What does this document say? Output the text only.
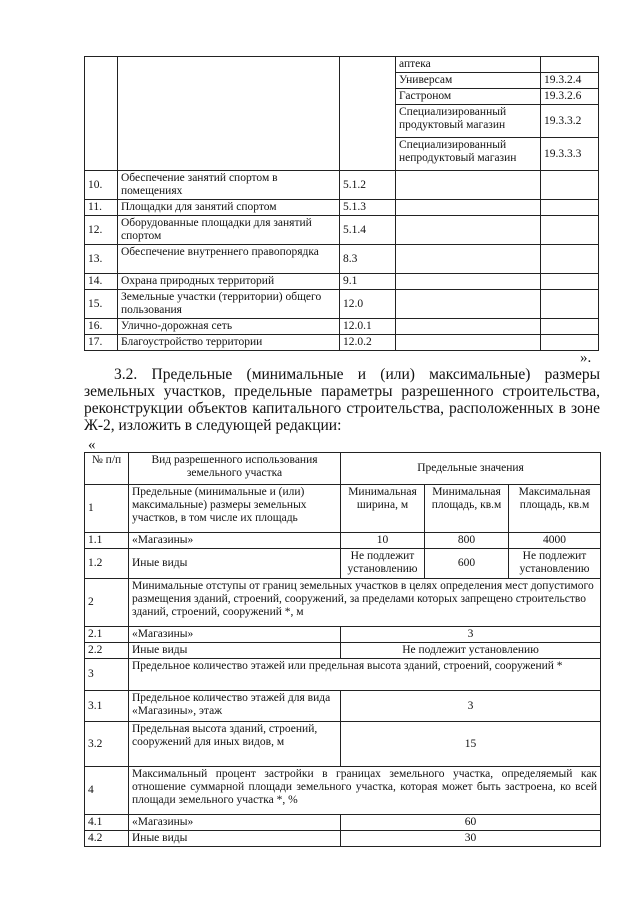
			аптека	
			Универсам	19.3.2.4
			Гастроном	19.3.2.6
			Специализированный продуктовый магазин	19.3.3.2
			Специализированный непродуктовый магазин	19.3.3.3
10.	Обеспечение занятий спортом в помещениях	5.1.2		
11.	Площадки для занятий спортом	5.1.3		
12.	Оборудованные площадки для занятий спортом	5.1.4		
13.	Обеспечение внутреннего правопорядка	8.3		
14.	Охрана природных территорий	9.1		
15.	Земельные участки (территории) общего пользования	12.0		
16.	Улично-дорожная сеть	12.0.1		
17.	Благоустройство территории	12.0.2		
».
3.2. Предельные (минимальные и (или) максимальные) размеры земельных участков, предельные параметры разрешенного строительства, реконструкции объектов капитального строительства, расположенных в зоне Ж-2, изложить в следующей редакции:
«
№ п/п	Вид разрешенного использования земельного участка	Предельные значения		
1	Предельные (минимальные и (или) максимальные) размеры земельных участков, в том числе их площадь	Минимальная ширина, м	Минимальная площадь, кв.м	Максимальная площадь, кв.м
1.1	«Магазины»	10	800	4000
1.2	Иные виды	Не подлежит установлению	600	Не подлежит установлению
2	Минимальные отступы от границ земельных участков в целях определения мест допустимого размещения зданий, строений, сооружений, за пределами которых запрещено строительство зданий, строений, сооружений *, м			
2.1	«Магазины»	3		
2.2	Иные виды	Не подлежит установлению		
3	Предельное количество этажей или предельная высота зданий, строений, сооружений *			
3.1	Предельное количество этажей для вида «Магазины», этаж	3		
3.2	Предельная высота зданий, строений, сооружений для иных видов, м	15		
4	Максимальный процент застройки в границах земельного участка, определяемый как отношение суммарной площади земельного участка, которая может быть застроена, ко всей площади земельного участка *, %			
4.1	«Магазины»	60		
4.2	Иные виды	30		
